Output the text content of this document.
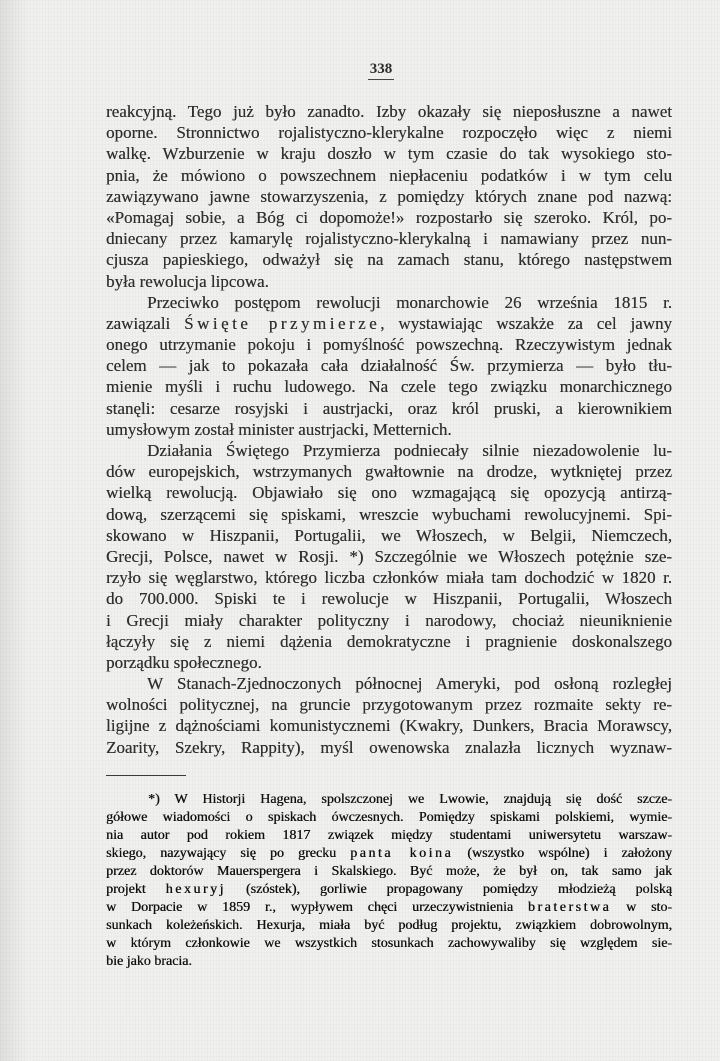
338
reakcyjną. Tego już było zanadto. Izby okazały się nieposłuszne a nawet
oporne. Stronnictwo rojalistyczno-klerykalne rozpoczęło więc z niemi
walkę. Wzburzenie w kraju doszło w tym czasie do tak wysokiego sto-
pnia, że mówiono o powszechnem niepłaceniu podatków i w tym celu
zawiązywano jawne stowarzyszenia, z pomiędzy których znane pod nazwą:
«Pomagaj sobie, a Bóg ci dopomoże!» rozpostarło się szeroko. Król, po-
dniecany przez kamarylę rojalistyczno-klerykalną i namawiany przez nun-
cjusza papieskiego, odważył się na zamach stanu, którego następstwem
była rewolucja lipcowa.
Przeciwko postępom rewolucji monarchowie 26 września 1815 r.
zawiązali Święte przymierze, wystawiając wszakże za cel jawny
onego utrzymanie pokoju i pomyślność powszechną. Rzeczywistym jednak
celem — jak to pokazała cała działalność Św. przymierza — było tłu-
mienie myśli i ruchu ludowego. Na czele tego związku monarchicznego
stanęli: cesarze rosyjski i austrjacki, oraz król pruski, a kierownikiem
umysłowym został minister austrjacki, Metternich.
Działania Świętego Przymierza podniecały silnie niezadowolenie lu-
dów europejskich, wstrzymanych gwałtownie na drodze, wytkniętej przez
wielką rewolucją. Objawiało się ono wzmagającą się opozycją antirzą-
dową, szerzącemi się spiskami, wreszcie wybuchami rewolucyjnemi. Spi-
skowano w Hiszpanii, Portugalii, we Włoszech, w Belgii, Niemczech,
Grecji, Polsce, nawet w Rosji. *) Szczególnie we Włoszech potężnie sze-
rzyło się węglarstwo, którego liczba członków miała tam dochodzić w 1820 r.
do 700.000. Spiski te i rewolucje w Hiszpanii, Portugalii, Włoszech
i Grecji miały charakter polityczny i narodowy, chociaż nieuniknienie
łączyły się z niemi dążenia demokratyczne i pragnienie doskonalszego
porządku społecznego.
W Stanach-Zjednoczonych północnej Ameryki, pod osłoną rozległej
wolności politycznej, na gruncie przygotowanym przez rozmaite sekty re-
ligijne z dążnościami komunistycznemi (Kwakry, Dunkers, Bracia Morawscy,
Zoarity, Szekry, Rappity), myśl owenowska znalazła licznych wyznaw-
*) W Historji Hagena, spolszczonej we Lwowie, znajdują się dość szcze-
gółowe wiadomości o spiskach ówczesnych. Pomiędzy spiskami polskiemi, wymie-
nia autor pod rokiem 1817 związek między studentami uniwersytetu warszaw-
skiego, nazywający się po grecku panta koina (wszystko wspólne) i założony
przez doktorów Mauerspergera i Skalskiego. Być może, że był on, tak samo jak
projekt hexuryj (szóstek), gorliwie propagowany pomiędzy młodzieżą polską
w Dorpacie w 1859 r., wypływem chęci urzeczywistnienia braterstwa w sto-
sunkach koleżeńskich. Hexurja, miała być podług projektu, związkiem dobrowolnym,
w którym członkowie we wszystkich stosunkach zachowywaliby się względem sie-
bie jako bracia.
